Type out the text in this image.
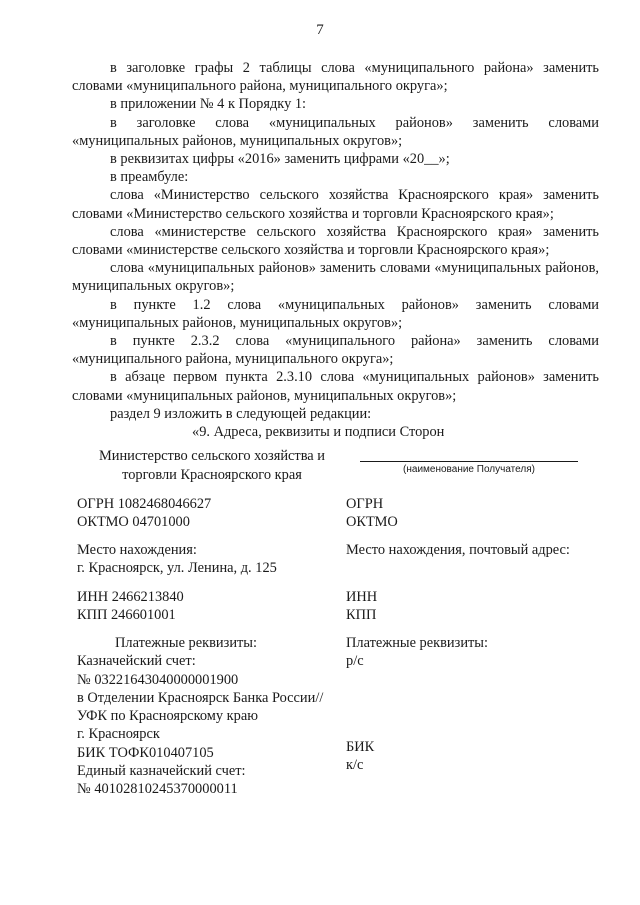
7

в заголовке графы 2 таблицы слова «муниципального района» заменить словами «муниципального района, муниципального округа»;

в приложении № 4 к Порядку 1:

в заголовке слова «муниципальных районов» заменить словами «муниципальных районов, муниципальных округов»;

в реквизитах цифры «2016» заменить цифрами «20__»;

в преамбуле:

слова «Министерство сельского хозяйства Красноярского края» заменить словами «Министерство сельского хозяйства и торговли Красноярского края»;

слова «министерстве сельского хозяйства Красноярского края» заменить словами «министерстве сельского хозяйства и торговли Красноярского края»;

слова «муниципальных районов» заменить словами «муниципальных районов, муниципальных округов»;

в пункте 1.2 слова «муниципальных районов» заменить словами «муниципальных районов, муниципальных округов»;

в пункте 2.3.2 слова «муниципального района» заменить словами «муниципального района, муниципального округа»;

в абзаце первом пункта 2.3.10 слова «муниципальных районов» заменить словами «муниципальных районов, муниципальных округов»;

раздел 9 изложить в следующей редакции:

«9. Адреса, реквизиты и подписи Сторон

Министерство сельского хозяйства и
торговли Красноярского края	(наименование Получателя)
ОГРН 1082468046627
ОКТМО 04701000
Место нахождения:
г. Красноярск, ул. Ленина, д. 125
ИНН 2466213840
КПП 246601001
Платежные реквизиты:
Казначейский счет:
№ 03221643040000001900
в Отделении Красноярск Банка России//
УФК по Красноярскому краю
г. Красноярск
БИК ТОФК010407105
Единый казначейский счет:
№ 40102810245370000011
ОГРН
ОКТМО
Место нахождения, почтовый адрес:
ИНН
КПП
Платежные реквизиты:
р/с
БИК
к/с
